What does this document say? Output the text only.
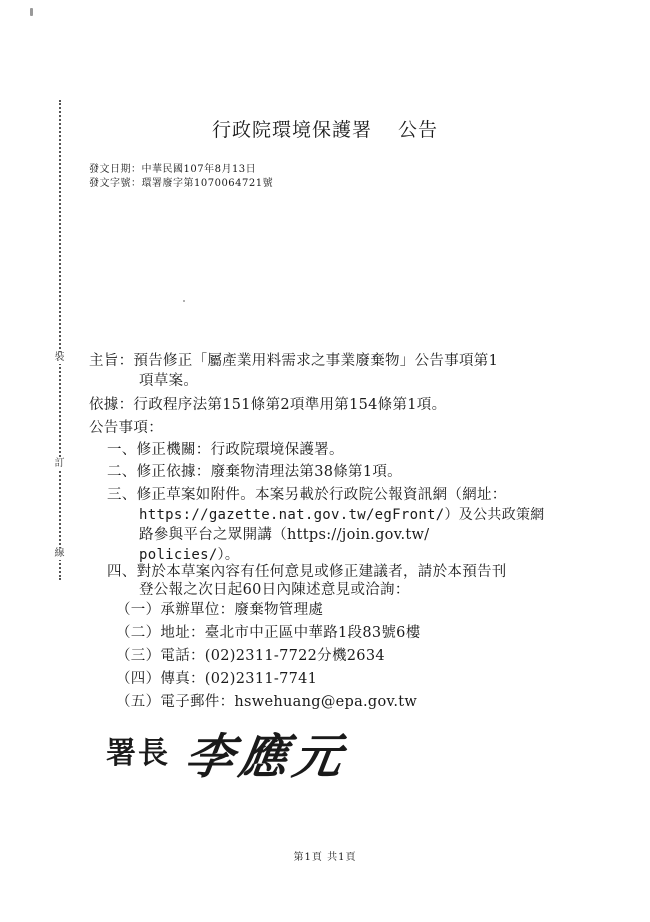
裝
訂
線
行政院環境保護署 公告
發文日期：中華民國107年8月13日
發文字號：環署廢字第1070064721號
主旨：預告修正「屬產業用料需求之事業廢棄物」公告事項第1
項草案。
依據：行政程序法第151條第2項準用第154條第1項。
公告事項：
一、修正機關：行政院環境保護署。
二、修正依據：廢棄物清理法第38條第1項。
三、修正草案如附件。本案另載於行政院公報資訊網（網址：
https://gazette.nat.gov.tw/egFront/）及公共政策網
路參與平台之眾開講（https://join.gov.tw/
policies/）。
四、對於本草案內容有任何意見或修正建議者，請於本預告刊
登公報之次日起60日內陳述意見或洽詢：
（一）承辦單位：廢棄物管理處
（二）地址：臺北市中正區中華路1段83號6樓
（三）電話：(02)2311-7722分機2634
（四）傳真：(02)2311-7741
（五）電子郵件：hswehuang@epa.gov.tw
署長 李應元
第1頁 共1頁
